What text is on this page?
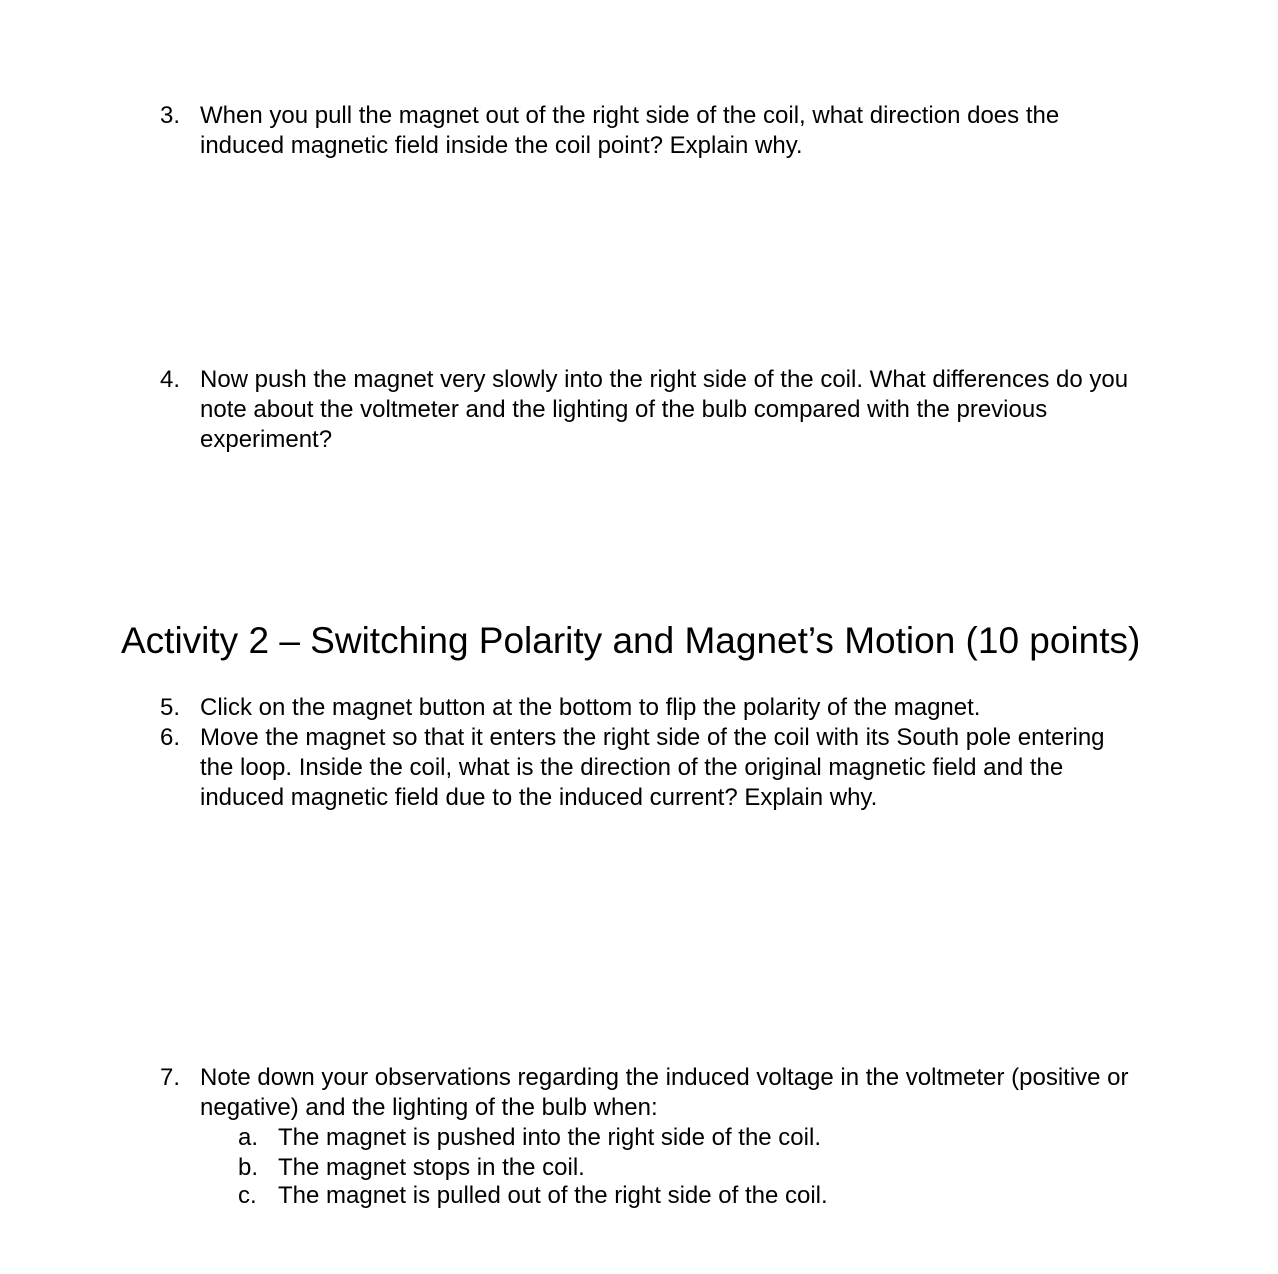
3. When you pull the magnet out of the right side of the coil, what direction does the induced magnetic field inside the coil point? Explain why.
4. Now push the magnet very slowly into the right side of the coil. What differences do you note about the voltmeter and the lighting of the bulb compared with the previous experiment?
Activity 2 – Switching Polarity and Magnet’s Motion (10 points)
5. Click on the magnet button at the bottom to flip the polarity of the magnet.
6. Move the magnet so that it enters the right side of the coil with its South pole entering the loop. Inside the coil, what is the direction of the original magnetic field and the induced magnetic field due to the induced current? Explain why.
7. Note down your observations regarding the induced voltage in the voltmeter (positive or negative) and the lighting of the bulb when:
a. The magnet is pushed into the right side of the coil.
b. The magnet stops in the coil.
c. The magnet is pulled out of the right side of the coil.
